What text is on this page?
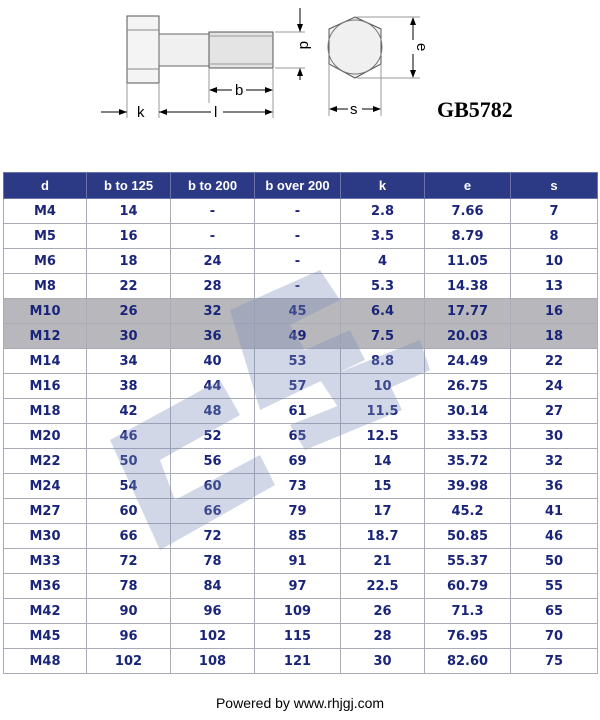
k	l
b
d	e
s	GB5782
d	b to 125	b to 200	b over 200	k	e	s
M4	14	-	-	2.8	7.66	7
M5	16	-	-	3.5	8.79	8
M6	18	24	-	4	11.05	10
M8	22	28	-	5.3	14.38	13
M10	26	32	45	6.4	17.77	16
M12	30	36	49	7.5	20.03	18
M14	34	40	53	8.8	24.49	22
M16	38	44	57	10	26.75	24
M18	42	48	61	11.5	30.14	27
M20	46	52	65	12.5	33.53	30
M22	50	56	69	14	35.72	32
M24	54	60	73	15	39.98	36
M27	60	66	79	17	45.2	41
M30	66	72	85	18.7	50.85	46
M33	72	78	91	21	55.37	50
M36	78	84	97	22.5	60.79	55
M42	90	96	109	26	71.3	65
M45	96	102	115	28	76.95	70
M48	102	108	121	30	82.60	75
Powered by www.rhjgj.com
